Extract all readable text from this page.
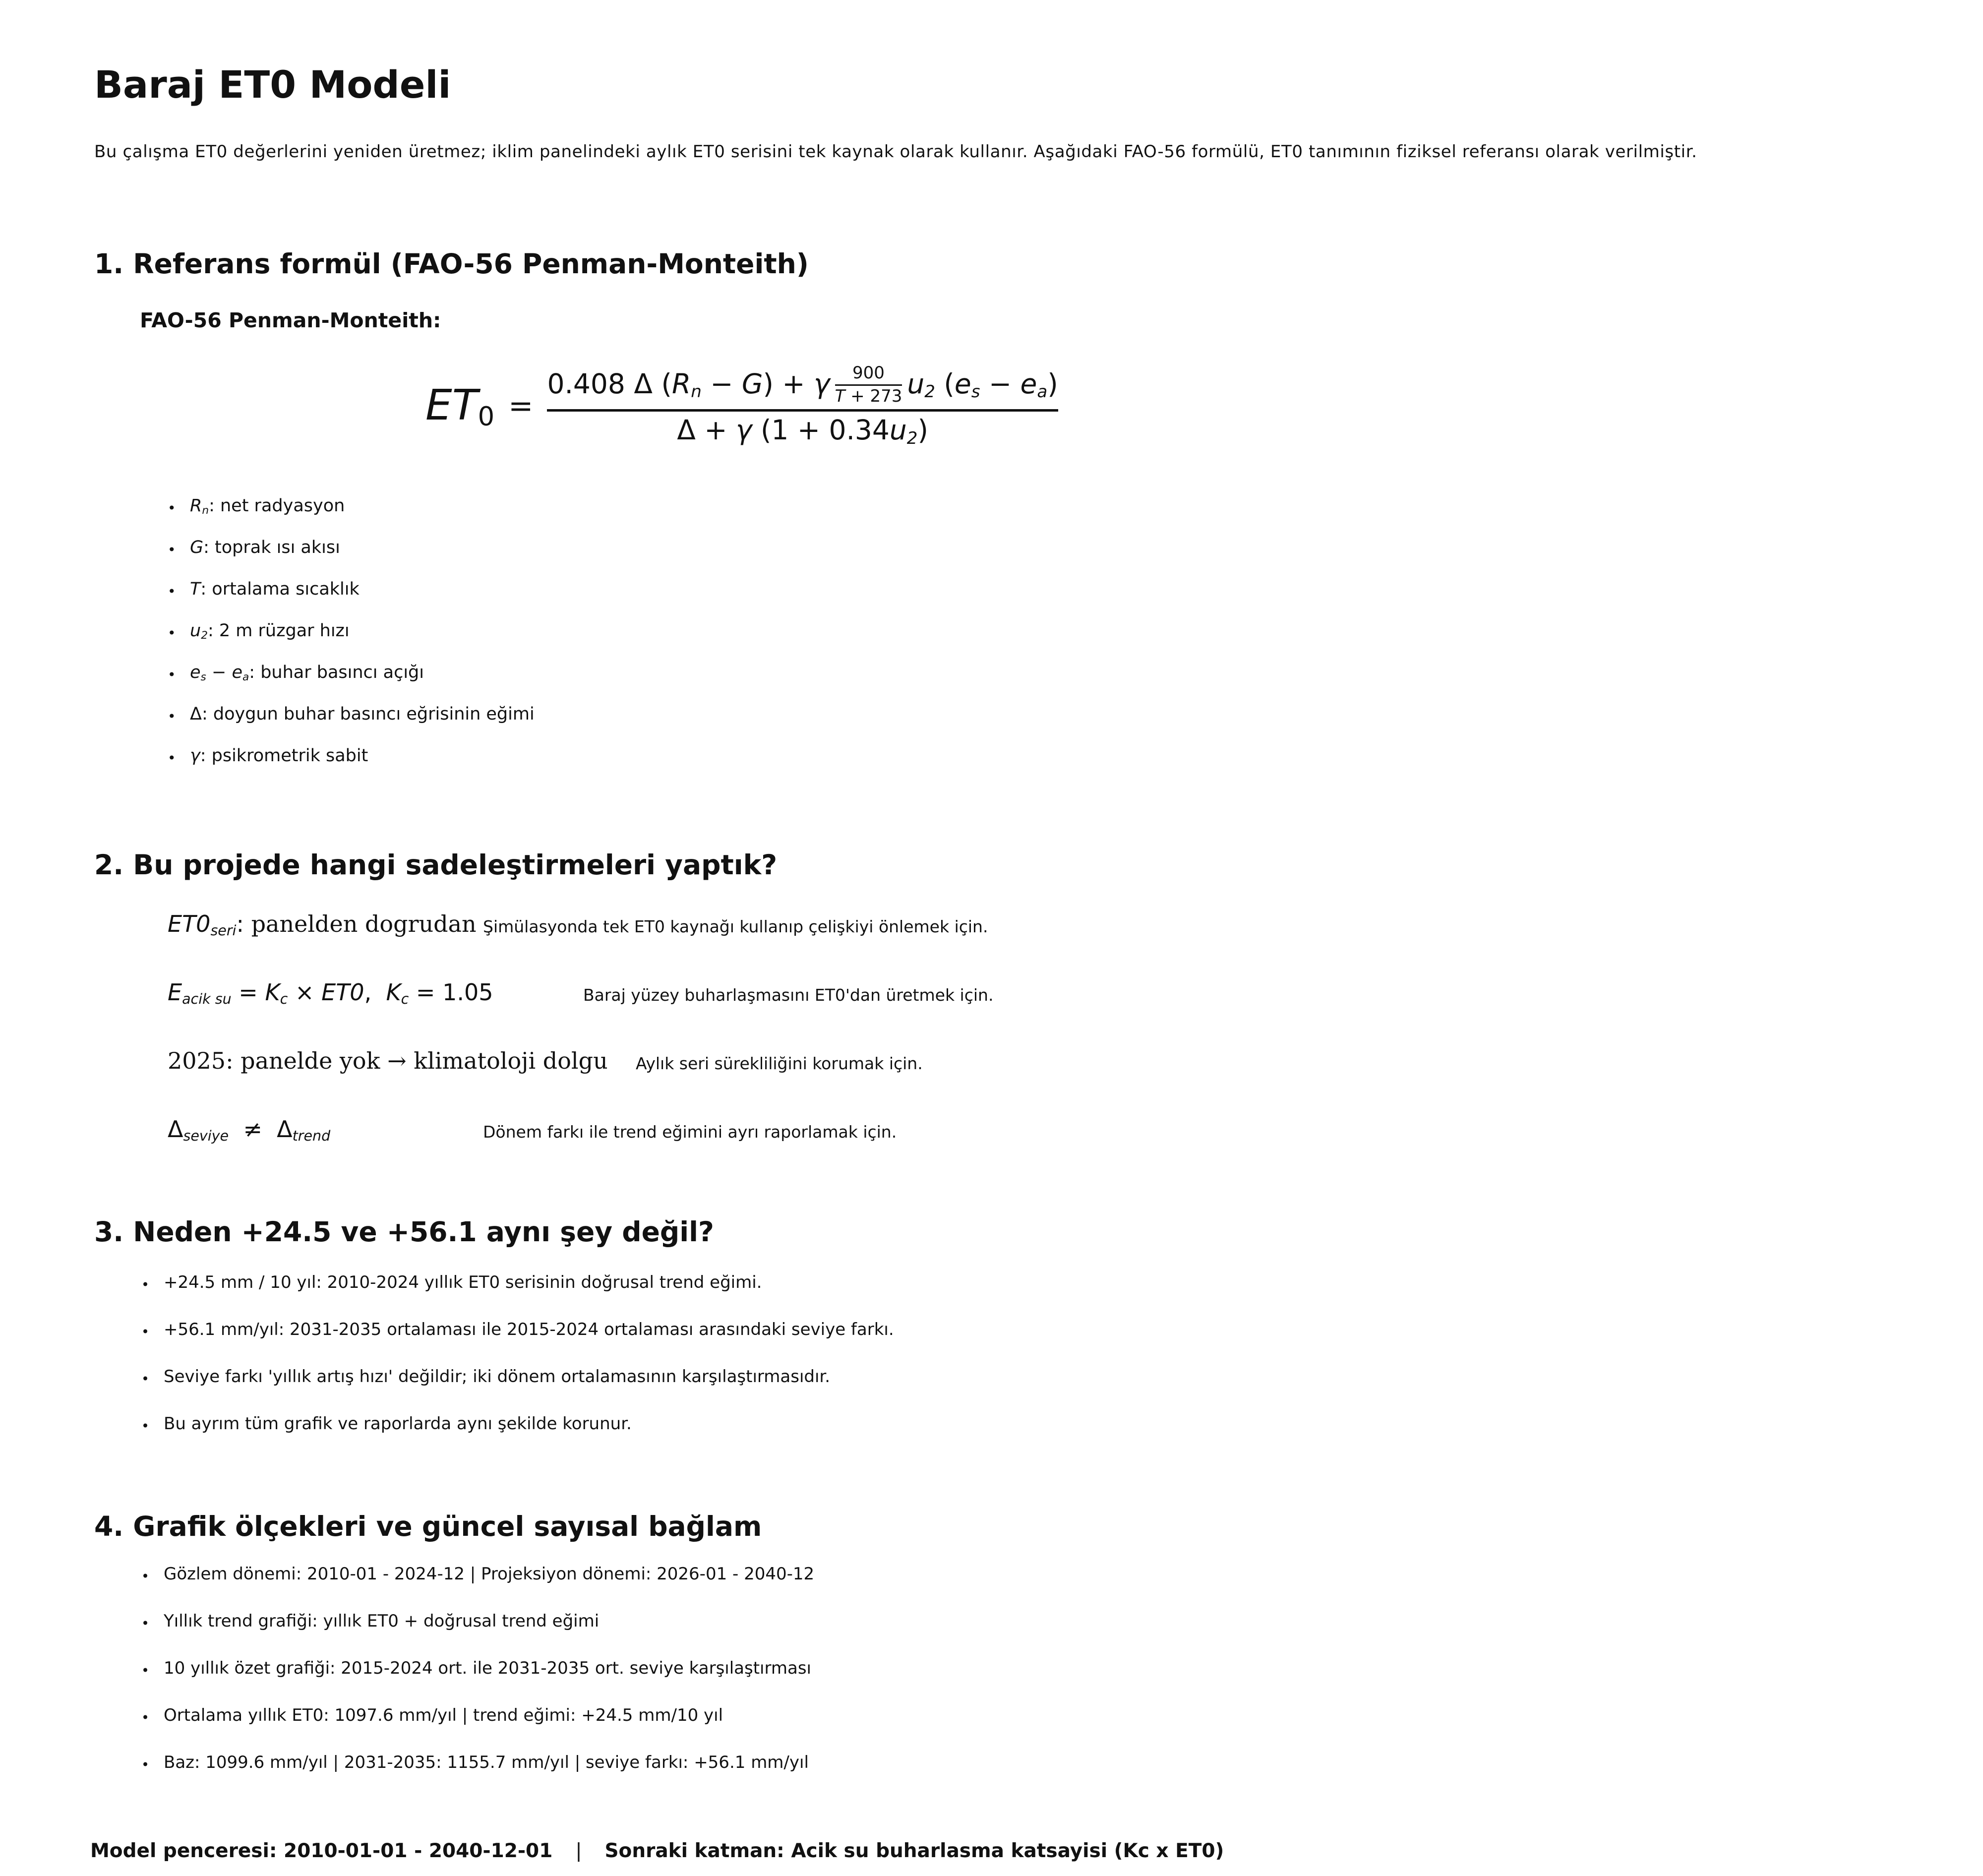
Baraj ET0 Modeli
Bu çalışma ET0 değerlerini yeniden üretmez; iklim panelindeki aylık ET0 serisini tek kaynak olarak kullanır. Aşağıdaki FAO-56 formülü, ET0 tanımının fiziksel referansı olarak verilmiştir.
1. Referans formül (FAO-56 Penman-Monteith)
FAO-56 Penman-Monteith:
ET0 =
0.408 Δ (Rn − G) + γ 900
T + 273 u2 (es − ea)
Δ + γ (1 + 0.34u2)
•
Rn: net radyasyon
•
G: toprak ısı akısı
•
T: ortalama sıcaklık
•
u2: 2 m rüzgar hızı
•
es − ea: buhar basıncı açığı
•
Δ: doygun buhar basıncı eğrisinin eğimi
•
γ: psikrometrik sabit
2. Bu projede hangi sadeleştirmeleri yaptık?
ET0seri: panelden dogrudan Şimülasyonda tek ET0 kaynağı kullanıp çelişkiyi önlemek için.
Eacik su = Kc × ET0,  Kc = 1.05	Baraj yüzey buharlaşmasını ET0'dan üretmek için.
2025: panelde yok → klimatoloji dolgu Aylık seri sürekliliğini korumak için.
Δseviye  ≠  Δtrend	Dönem farkı ile trend eğimini ayrı raporlamak için.
3. Neden +24.5 ve +56.1 aynı şey değil?
•
+24.5 mm / 10 yıl: 2010-2024 yıllık ET0 serisinin doğrusal trend eğimi.
•
+56.1 mm/yıl: 2031-2035 ortalaması ile 2015-2024 ortalaması arasındaki seviye farkı.
•
Seviye farkı 'yıllık artış hızı' değildir; iki dönem ortalamasının karşılaştırmasıdır.
•
Bu ayrım tüm grafik ve raporlarda aynı şekilde korunur.
4. Grafik ölçekleri ve güncel sayısal bağlam
•
Gözlem dönemi: 2010-01 - 2024-12 | Projeksiyon dönemi: 2026-01 - 2040-12
•
Yıllık trend grafiği: yıllık ET0 + doğrusal trend eğimi
•
10 yıllık özet grafiği: 2015-2024 ort. ile 2031-2035 ort. seviye karşılaştırması
•
Ortalama yıllık ET0: 1097.6 mm/yıl | trend eğimi: +24.5 mm/10 yıl
•
Baz: 1099.6 mm/yıl | 2031-2035: 1155.7 mm/yıl | seviye farkı: +56.1 mm/yıl
Model penceresi: 2010-01-01 - 2040-12-01 | Sonraki katman: Acik su buharlasma katsayisi (Kc x ET0)
